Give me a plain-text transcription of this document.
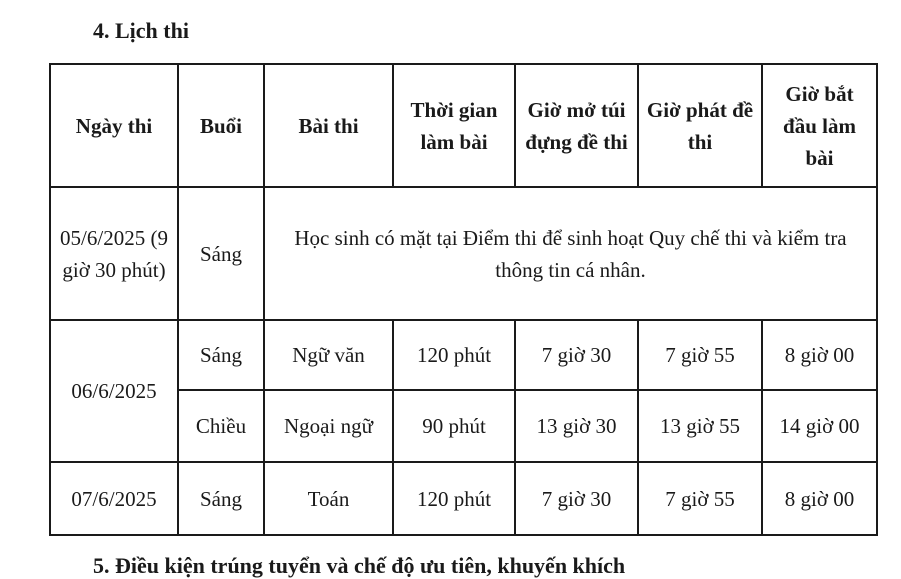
4. Lịch thi
Ngày thi	Buổi	Bài thi	Thời gian làm bài	Giờ mở túi đựng đề thi	Giờ phát đề thi	Giờ bắt đầu làm bài
05/6/2025 (9 giờ 30 phút)	Sáng	Học sinh có mặt tại Điểm thi để sinh hoạt Quy chế thi và kiểm tra thông tin cá nhân.				
06/6/2025	Sáng	Ngữ văn	120 phút	7 giờ 30	7 giờ 55	8 giờ 00
	Chiều	Ngoại ngữ	90 phút	13 giờ 30	13 giờ 55	14 giờ 00
07/6/2025	Sáng	Toán	120 phút	7 giờ 30	7 giờ 55	8 giờ 00
5. Điều kiện trúng tuyển và chế độ ưu tiên, khuyến khích
